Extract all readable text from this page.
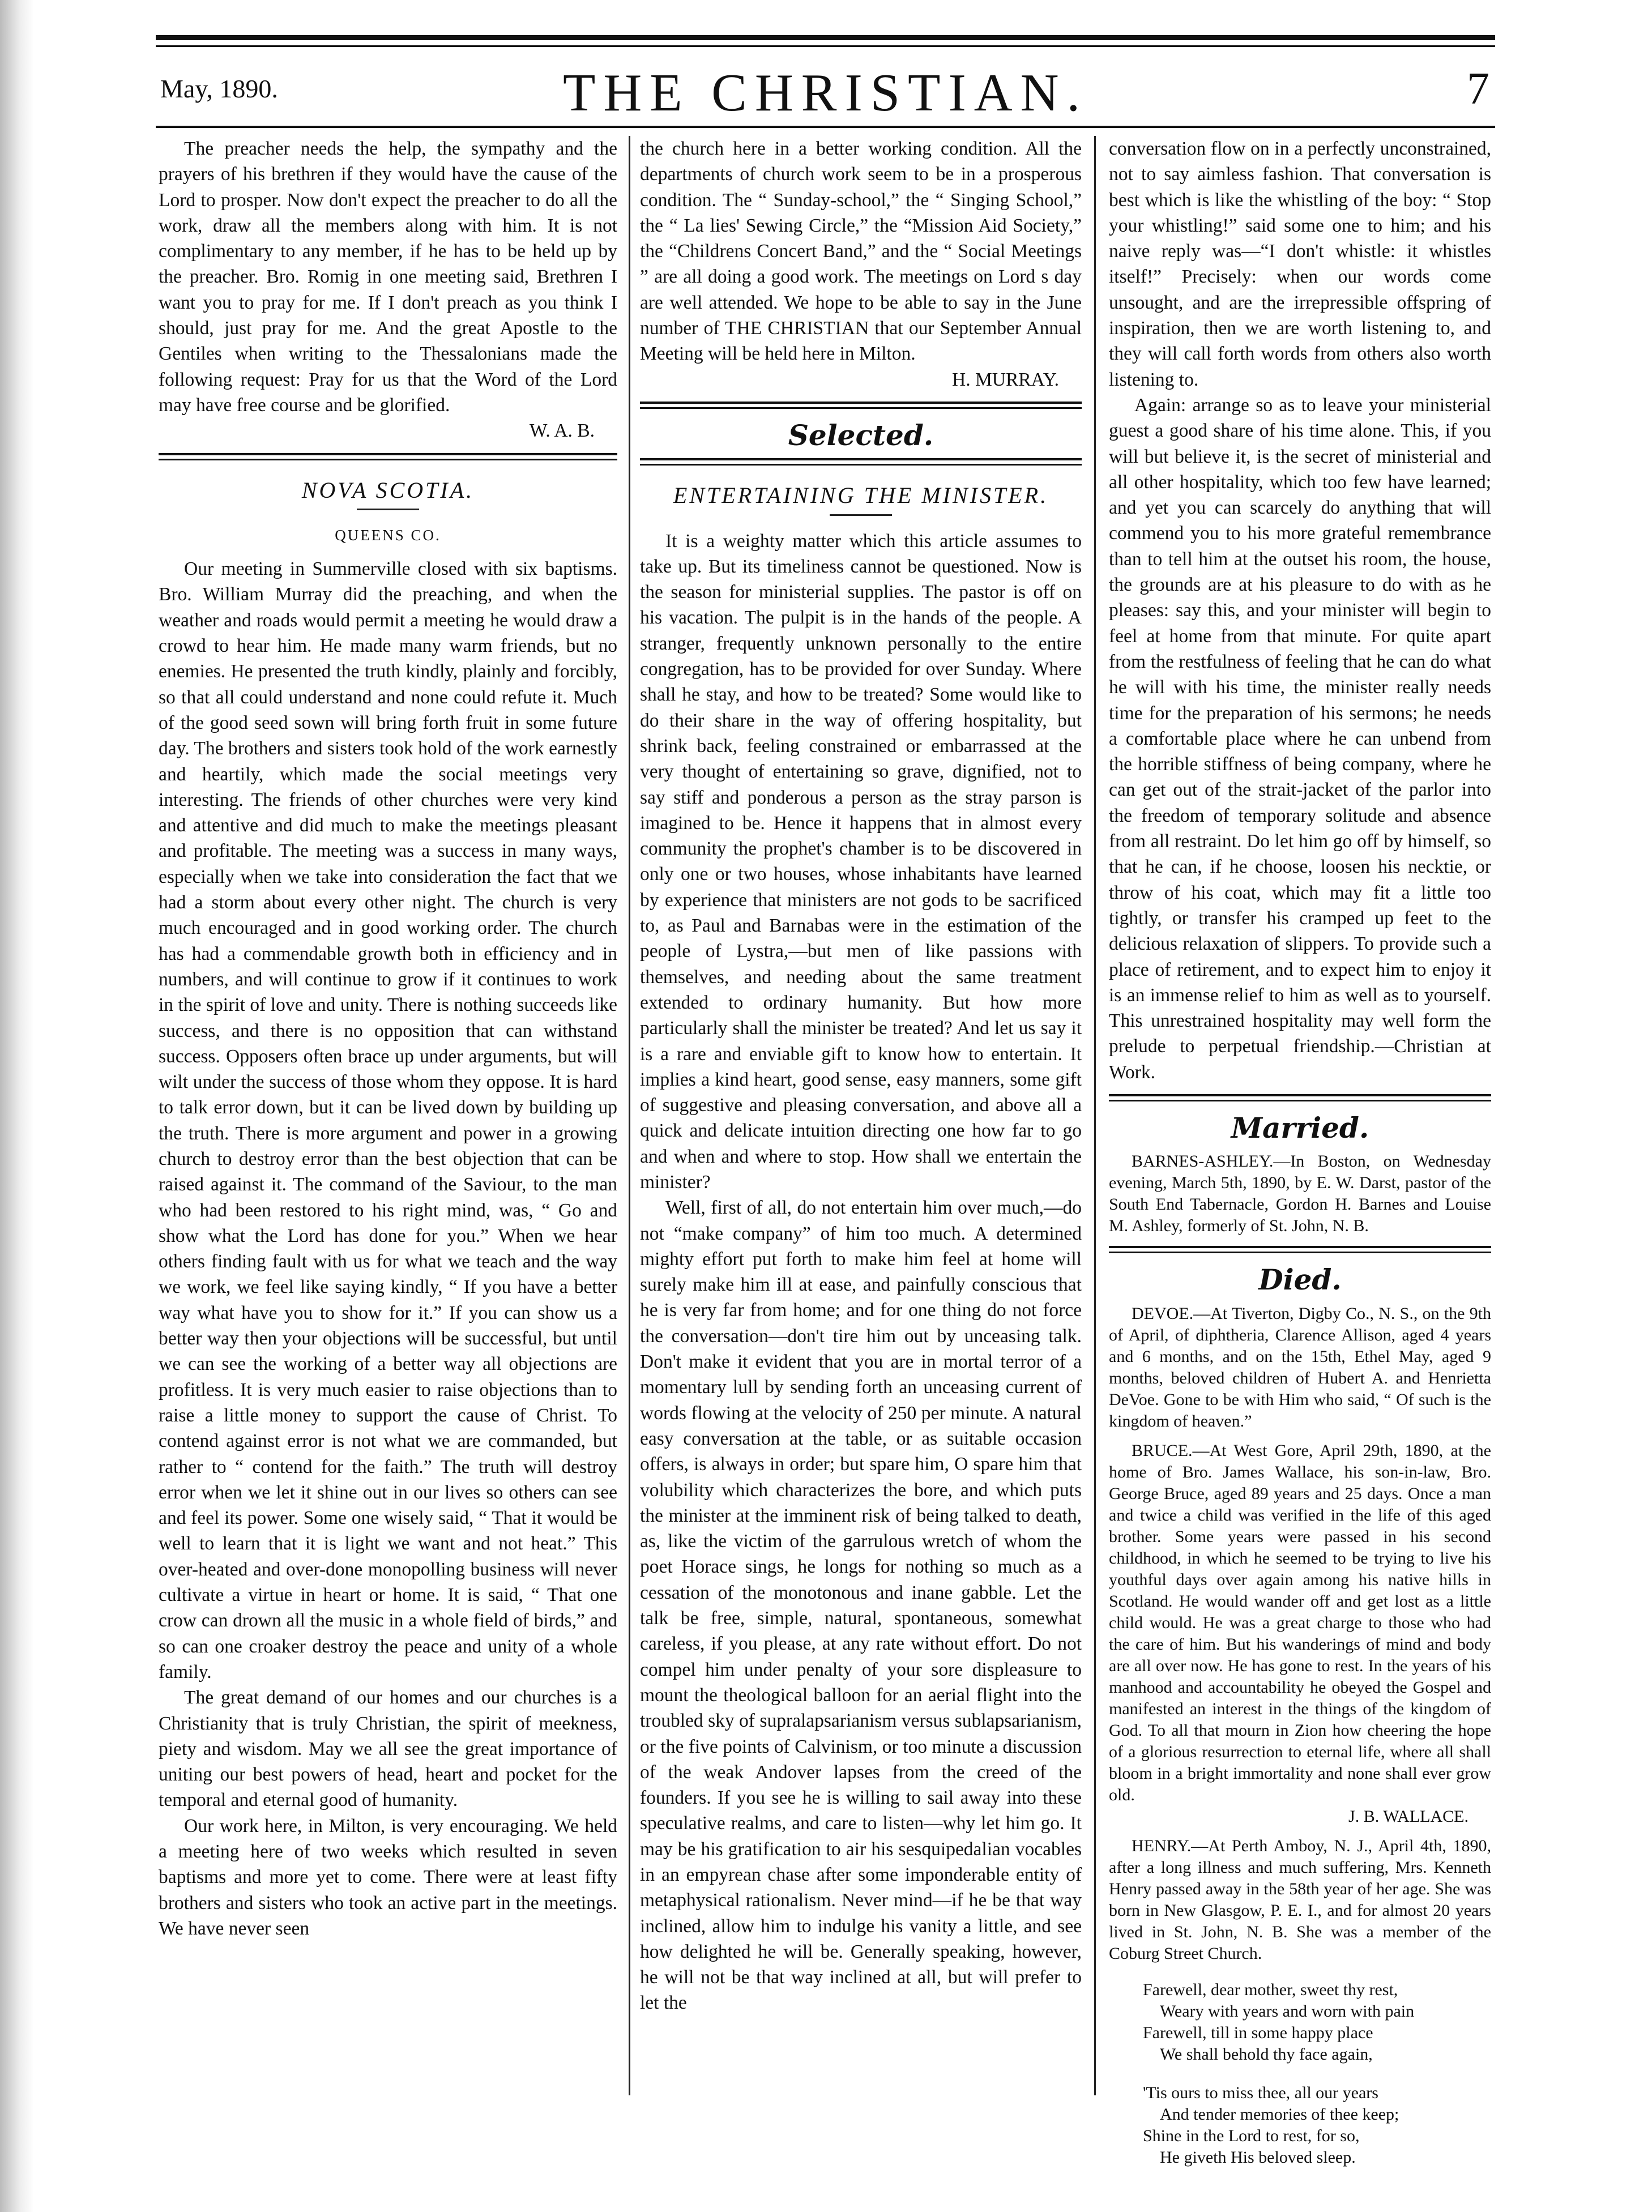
May, 1890.	THE CHRISTIAN.	7

The preacher needs the help, the sympathy and the prayers of his brethren if they would have the cause of the Lord to prosper. Now don't expect the preacher to do all the work, draw all the members along with him. It is not complimentary to any member, if he has to be held up by the preacher. Bro. Romig in one meeting said, Brethren I want you to pray for me. If I don't preach as you think I should, just pray for me. And the great Apostle to the Gentiles when writing to the Thessalonians made the following request: Pray for us that the Word of the Lord may have free course and be glorified.

W. A. B.
NOVA SCOTIA.
QUEENS CO.

Our meeting in Summerville closed with six baptisms. Bro. William Murray did the preaching, and when the weather and roads would permit a meeting he would draw a crowd to hear him. He made many warm friends, but no enemies. He presented the truth kindly, plainly and forcibly, so that all could understand and none could refute it. Much of the good seed sown will bring forth fruit in some future day. The brothers and sisters took hold of the work earnestly and heartily, which made the social meetings very interesting. The friends of other churches were very kind and attentive and did much to make the meetings pleasant and profitable. The meeting was a success in many ways, especially when we take into consideration the fact that we had a storm about every other night. The church is very much encouraged and in good working order. The church has had a commendable growth both in efficiency and in numbers, and will continue to grow if it continues to work in the spirit of love and unity. There is nothing succeeds like success, and there is no opposition that can withstand success. Opposers often brace up under arguments, but will wilt under the success of those whom they oppose. It is hard to talk error down, but it can be lived down by building up the truth. There is more argument and power in a growing church to destroy error than the best objection that can be raised against it. The command of the Saviour, to the man who had been restored to his right mind, was, “ Go and show what the Lord has done for you.” When we hear others finding fault with us for what we teach and the way we work, we feel like saying kindly, “ If you have a better way what have you to show for it.” If you can show us a better way then your objections will be successful, but until we can see the working of a better way all objections are profitless. It is very much easier to raise objections than to raise a little money to support the cause of Christ. To contend against error is not what we are commanded, but rather to “ contend for the faith.” The truth will destroy error when we let it shine out in our lives so others can see and feel its power. Some one wisely said, “ That it would be well to learn that it is light we want and not heat.” This over-heated and over-done monopolling business will never cultivate a virtue in heart or home. It is said, “ That one crow can drown all the music in a whole field of birds,” and so can one croaker destroy the peace and unity of a whole family.

The great demand of our homes and our churches is a Christianity that is truly Christian, the spirit of meekness, piety and wisdom. May we all see the great importance of uniting our best powers of head, heart and pocket for the temporal and eternal good of humanity.

Our work here, in Milton, is very encouraging. We held a meeting here of two weeks which resulted in seven baptisms and more yet to come. There were at least fifty brothers and sisters who took an active part in the meetings. We have never seen

the church here in a better working condition. All the departments of church work seem to be in a prosperous condition. The “ Sunday-school,” the “ Singing School,” the “ La lies' Sewing Circle,” the “Mission Aid Society,” the “Childrens Concert Band,” and the “ Social Meetings ” are all doing a good work. The meetings on Lord s day are well attended. We hope to be able to say in the June number of THE CHRISTIAN that our September Annual Meeting will be held here in Milton.

H. MURRAY.
Selected.
ENTERTAINING THE MINISTER.

It is a weighty matter which this article assumes to take up. But its timeliness cannot be questioned. Now is the season for ministerial supplies. The pastor is off on his vacation. The pulpit is in the hands of the people. A stranger, frequently unknown personally to the entire congregation, has to be provided for over Sunday. Where shall he stay, and how to be treated? Some would like to do their share in the way of offering hospitality, but shrink back, feeling constrained or embarrassed at the very thought of entertaining so grave, dignified, not to say stiff and ponderous a person as the stray parson is imagined to be. Hence it happens that in almost every community the prophet's chamber is to be discovered in only one or two houses, whose inhabitants have learned by experience that ministers are not gods to be sacrificed to, as Paul and Barnabas were in the estimation of the people of Lystra,—but men of like passions with themselves, and needing about the same treatment extended to ordinary humanity. But how more particularly shall the minister be treated? And let us say it is a rare and enviable gift to know how to entertain. It implies a kind heart, good sense, easy manners, some gift of suggestive and pleasing conversation, and above all a quick and delicate intuition directing one how far to go and when and where to stop. How shall we entertain the minister?

Well, first of all, do not entertain him over much,—do not “make company” of him too much. A determined mighty effort put forth to make him feel at home will surely make him ill at ease, and painfully conscious that he is very far from home; and for one thing do not force the conversation—don't tire him out by unceasing talk. Don't make it evident that you are in mortal terror of a momentary lull by sending forth an unceasing current of words flowing at the velocity of 250 per minute. A natural easy conversation at the table, or as suitable occasion offers, is always in order; but spare him, O spare him that volubility which characterizes the bore, and which puts the minister at the imminent risk of being talked to death, as, like the victim of the garrulous wretch of whom the poet Horace sings, he longs for nothing so much as a cessation of the monotonous and inane gabble. Let the talk be free, simple, natural, spontaneous, somewhat careless, if you please, at any rate without effort. Do not compel him under penalty of your sore displeasure to mount the theological balloon for an aerial flight into the troubled sky of supralapsarianism versus sublapsarianism, or the five points of Calvinism, or too minute a discussion of the weak Andover lapses from the creed of the founders. If you see he is willing to sail away into these speculative realms, and care to listen—why let him go. It may be his gratification to air his sesquipedalian vocables in an empyrean chase after some imponderable entity of metaphysical rationalism. Never mind—if he be that way inclined, allow him to indulge his vanity a little, and see how delighted he will be. Generally speaking, however, he will not be that way inclined at all, but will prefer to let the

conversation flow on in a perfectly unconstrained, not to say aimless fashion. That conversation is best which is like the whistling of the boy: “ Stop your whistling!” said some one to him; and his naive reply was—“I don't whistle: it whistles itself!” Precisely: when our words come unsought, and are the irrepressible offspring of inspiration, then we are worth listening to, and they will call forth words from others also worth listening to.

Again: arrange so as to leave your ministerial guest a good share of his time alone. This, if you will but believe it, is the secret of ministerial and all other hospitality, which too few have learned; and yet you can scarcely do anything that will commend you to his more grateful remembrance than to tell him at the outset his room, the house, the grounds are at his pleasure to do with as he pleases: say this, and your minister will begin to feel at home from that minute. For quite apart from the restfulness of feeling that he can do what he will with his time, the minister really needs time for the preparation of his sermons; he needs a comfortable place where he can unbend from the horrible stiffness of being company, where he can get out of the strait-jacket of the parlor into the freedom of temporary solitude and absence from all restraint. Do let him go off by himself, so that he can, if he choose, loosen his necktie, or throw of his coat, which may fit a little too tightly, or transfer his cramped up feet to the delicious relaxation of slippers. To provide such a place of retirement, and to expect him to enjoy it is an immense relief to him as well as to yourself. This unrestrained hospitality may well form the prelude to perpetual friendship.—Christian at Work.

Married.

BARNES-ASHLEY.—In Boston, on Wednesday evening, March 5th, 1890, by E. W. Darst, pastor of the South End Tabernacle, Gordon H. Barnes and Louise M. Ashley, formerly of St. John, N. B.

Died.

DEVOE.—At Tiverton, Digby Co., N. S., on the 9th of April, of diphtheria, Clarence Allison, aged 4 years and 6 months, and on the 15th, Ethel May, aged 9 months, beloved children of Hubert A. and Henrietta DeVoe. Gone to be with Him who said, “ Of such is the kingdom of heaven.”

BRUCE.—At West Gore, April 29th, 1890, at the home of Bro. James Wallace, his son-in-law, Bro. George Bruce, aged 89 years and 25 days. Once a man and twice a child was verified in the life of this aged brother. Some years were passed in his second childhood, in which he seemed to be trying to live his youthful days over again among his native hills in Scotland. He would wander off and get lost as a little child would. He was a great charge to those who had the care of him. But his wanderings of mind and body are all over now. He has gone to rest. In the years of his manhood and accountability he obeyed the Gospel and manifested an interest in the things of the kingdom of God. To all that mourn in Zion how cheering the hope of a glorious resurrection to eternal life, where all shall bloom in a bright immortality and none shall ever grow old.

J. B. WALLACE.

HENRY.—At Perth Amboy, N. J., April 4th, 1890, after a long illness and much suffering, Mrs. Kenneth Henry passed away in the 58th year of her age. She was born in New Glasgow, P. E. I., and for almost 20 years lived in St. John, N. B. She was a member of the Coburg Street Church.

Farewell, dear mother, sweet thy rest,
Weary with years and worn with pain
Farewell, till in some happy place
We shall behold thy face again,
'Tis ours to miss thee, all our years
And tender memories of thee keep;
Shine in the Lord to rest, for so,
He giveth His beloved sleep.
